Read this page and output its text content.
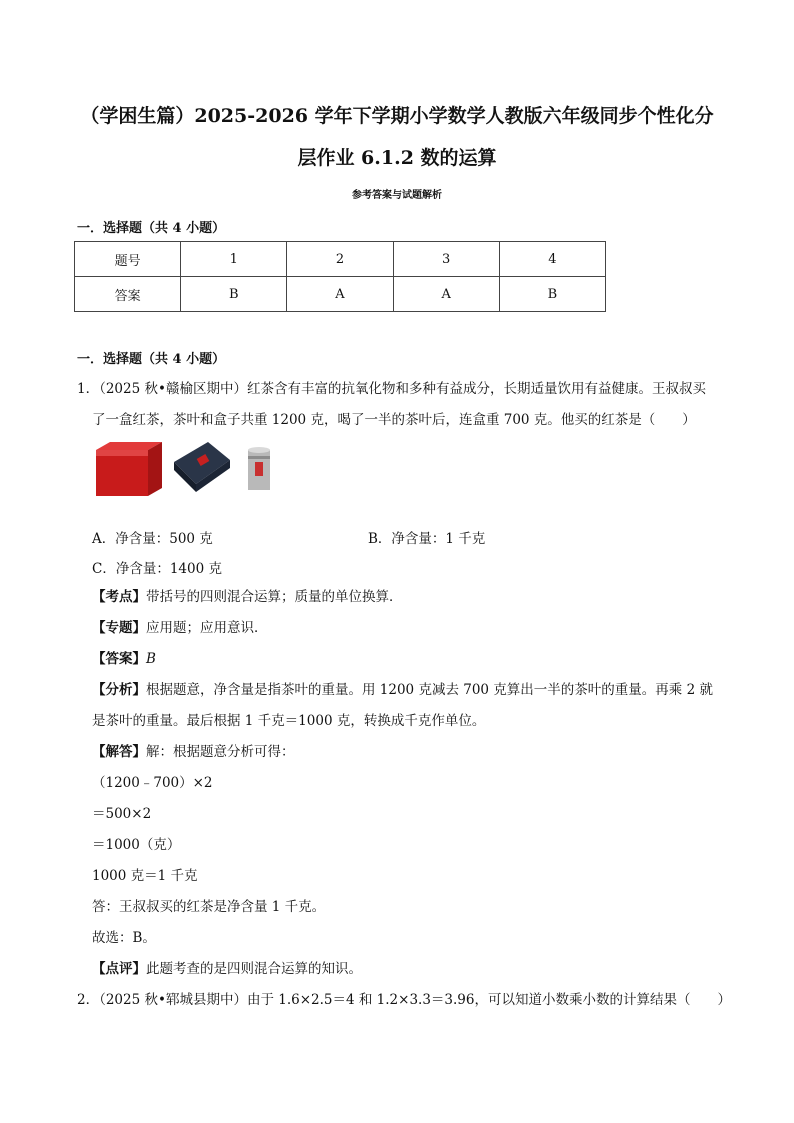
（学困生篇）2025-2026 学年下学期小学数学人教版六年级同步个性化分
层作业 6.1.2 数的运算
参考答案与试题解析
一．选择题（共 4 小题）
题号	1	2	3	4
答案	B	A	A	B
一．选择题（共 4 小题）
1．（2025 秋•赣榆区期中）红茶含有丰富的抗氧化物和多种有益成分，长期适量饮用有益健康。王叔叔买
了一盒红茶，茶叶和盒子共重 1200 克，喝了一半的茶叶后，连盒重 700 克。他买的红茶是（　　）
A．净含量：500 克	B．净含量：1 千克
C．净含量：1400 克
【考点】带括号的四则混合运算；质量的单位换算．
【专题】应用题；应用意识．
【答案】B
【分析】根据题意，净含量是指茶叶的重量。用 1200 克减去 700 克算出一半的茶叶的重量。再乘 2 就
是茶叶的重量。最后根据 1 千克＝1000 克，转换成千克作单位。
【解答】解：根据题意分析可得：
（1200﹣700）×2
＝500×2
＝1000（克）
1000 克＝1 千克
答：王叔叔买的红茶是净含量 1 千克。
故选：B。
【点评】此题考查的是四则混合运算的知识。
2．（2025 秋•郓城县期中）由于 1.6×2.5＝4 和 1.2×3.3＝3.96，可以知道小数乘小数的计算结果（　　）
